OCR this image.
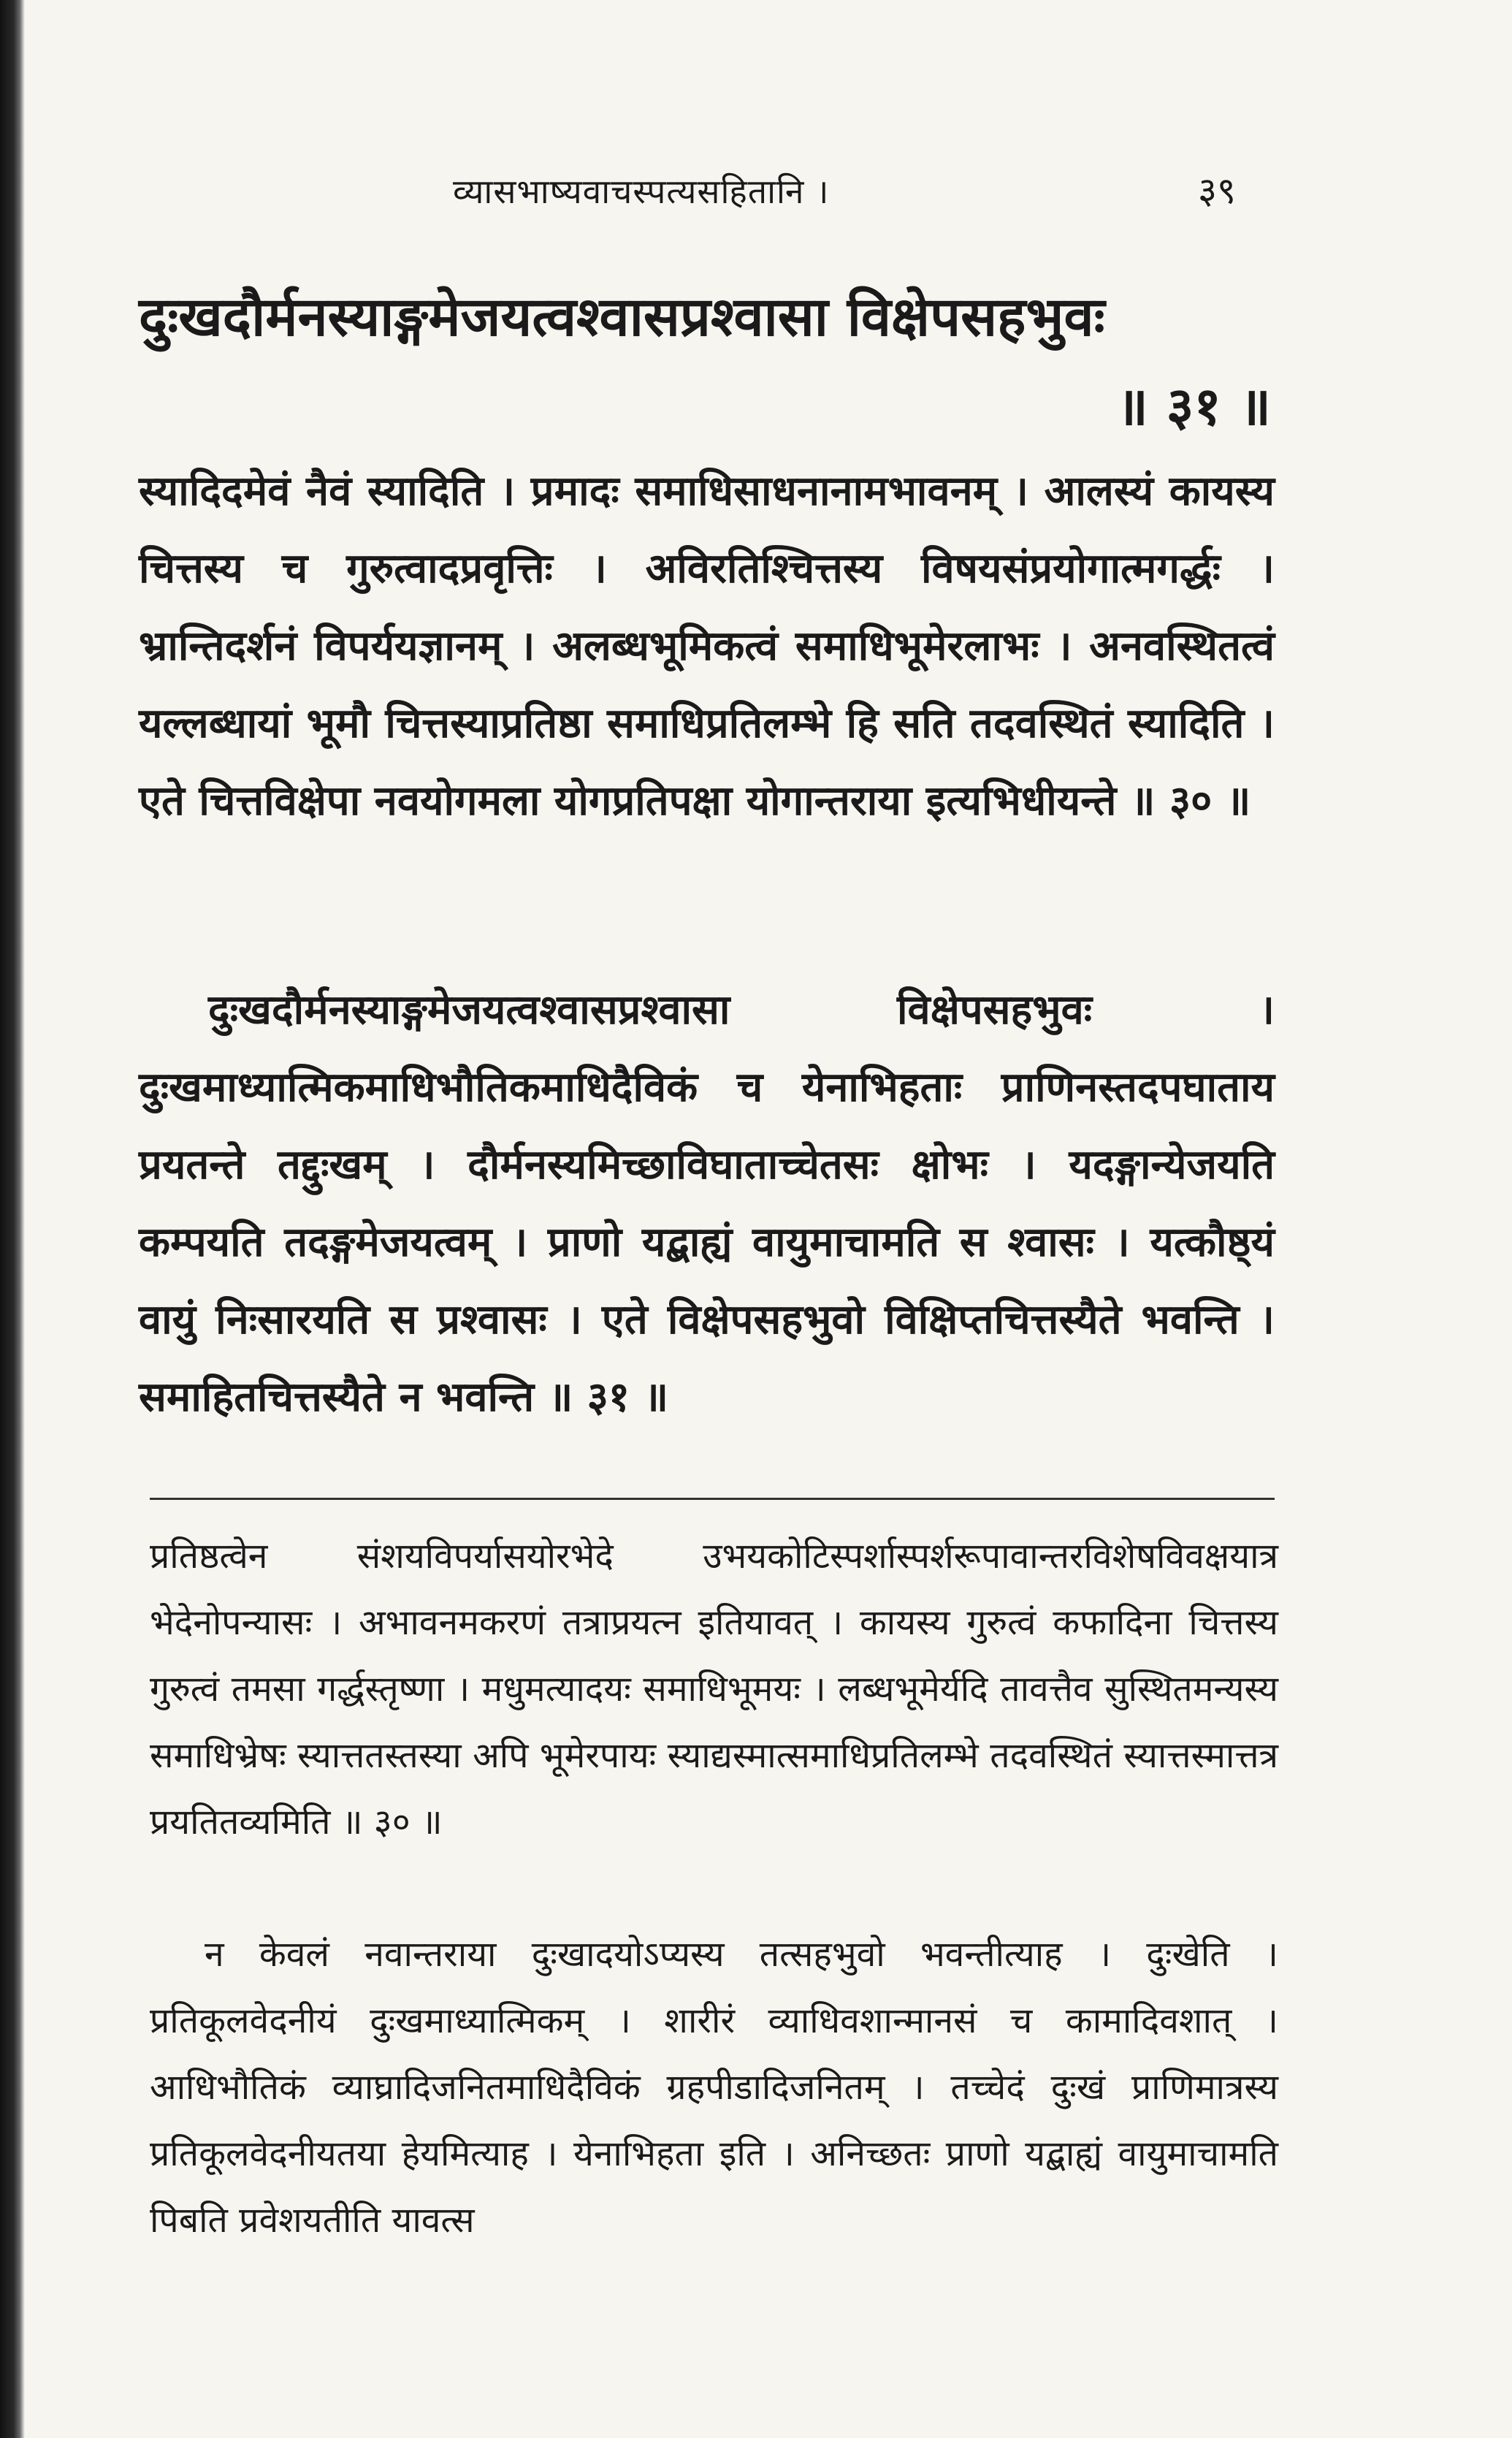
व्यासभाष्यवाचस्पत्यसहितानि ।	३९
दुःखदौर्मनस्याङ्गमेजयत्वश्वासप्रश्वासा विक्षेपसहभुवः
॥ ३१ ॥

स्यादिदमेवं नैवं स्यादिति । प्रमादः समाधिसाधनानामभावनम् । आलस्यं कायस्य चित्तस्य च गुरुत्वादप्रवृत्तिः । अविरतिश्चित्तस्य विषयसंप्रयोगात्मगर्द्धः । भ्रान्तिदर्शनं विपर्ययज्ञानम् । अलब्धभूमिकत्वं समाधिभूमेरलाभः । अनवस्थितत्वं यल्लब्धायां भूमौ चित्तस्याप्रतिष्ठा समाधिप्रतिलम्भे हि सति तदवस्थितं स्यादिति । एते चित्तविक्षेपा नवयोगमला योगप्रतिपक्षा योगान्तराया इत्यभिधीयन्ते ॥ ३० ॥

दुःखदौर्मनस्याङ्गमेजयत्वश्वासप्रश्वासा विक्षेपसहभुवः । दुःखमाध्यात्मिकमाधिभौतिकमाधिदैविकं च येनाभिहताः प्राणिनस्तदपघाताय प्रयतन्ते तद्दुःखम् । दौर्मनस्यमिच्छाविघाताच्चेतसः क्षोभः । यदङ्गान्येजयति कम्पयति तदङ्गमेजयत्वम् । प्राणो यद्बाह्यं वायुमाचामति स श्वासः । यत्कौष्ठ्यं वायुं निःसारयति स प्रश्वासः । एते विक्षेपसहभुवो विक्षिप्तचित्तस्यैते भवन्ति । समाहितचित्तस्यैते न भवन्ति ॥ ३१ ॥

प्रतिष्ठत्वेन संशयविपर्यासयोरभेदे उभयकोटिस्पर्शास्पर्शरूपावान्तरविशेषविवक्षयात्र भेदेनोपन्यासः । अभावनमकरणं तत्राप्रयत्न इतियावत् । कायस्य गुरुत्वं कफादिना चित्तस्य गुरुत्वं तमसा गर्द्धस्तृष्णा । मधुमत्यादयः समाधिभूमयः । लब्धभूमेर्यदि तावत्तैव सुस्थितमन्यस्य समाधिभ्रेषः स्यात्ततस्तस्या अपि भूमेरपायः स्याद्यस्मात्समाधिप्रतिलम्भे तदवस्थितं स्यात्तस्मात्तत्र प्रयतितव्यमिति ॥ ३० ॥

न केवलं नवान्तराया दुःखादयोऽप्यस्य तत्सहभुवो भवन्तीत्याह । दुःखेति । प्रतिकूलवेदनीयं दुःखमाध्यात्मिकम् । शारीरं व्याधिवशान्मानसं च कामादिवशात् । आधिभौतिकं व्याघ्रादिजनितमाधिदैविकं ग्रहपीडादिजनितम् । तच्चेदं दुःखं प्राणिमात्रस्य प्रतिकूलवेदनीयतया हेयमित्याह । येनाभिहता इति । अनिच्छतः प्राणो यद्बाह्यं वायुमाचामति पिबति प्रवेशयतीति यावत्स
